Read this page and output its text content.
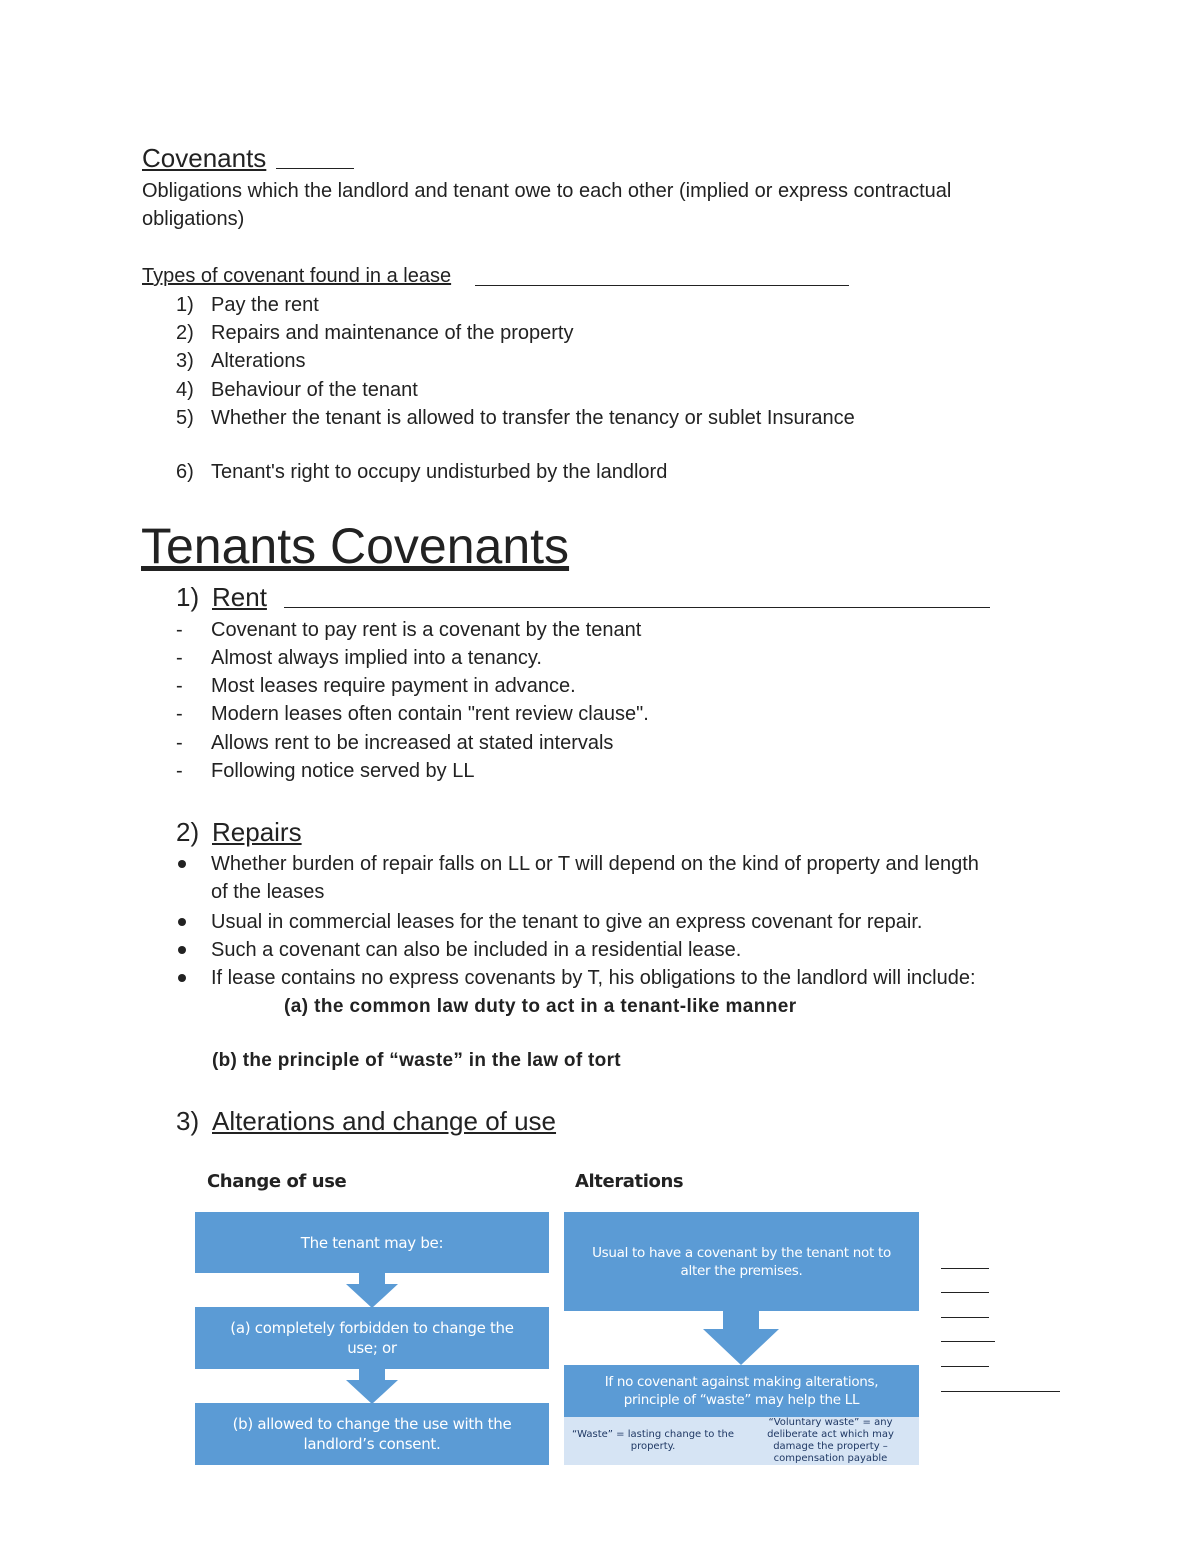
Covenants
Obligations which the landlord and tenant owe to each other (implied or express contractual
obligations)
Types of covenant found in a lease
1) Pay the rent
2) Repairs and maintenance of the property
3) Alterations
4) Behaviour of the tenant
5) Whether the tenant is allowed to transfer the tenancy or sublet Insurance
6) Tenant's right to occupy undisturbed by the landlord
Tenants Covenants
1) Rent
- Covenant to pay rent is a covenant by the tenant
- Almost always implied into a tenancy.
- Most leases require payment in advance.
- Modern leases often contain "rent review clause".
- Allows rent to be increased at stated intervals
- Following notice served by LL
2) Repairs
Whether burden of repair falls on LL or T will depend on the kind of property and length
of the leases
Usual in commercial leases for the tenant to give an express covenant for repair.
Such a covenant can also be included in a residential lease.
If lease contains no express covenants by T, his obligations to the landlord will include:
(a) the common law duty to act in a tenant-like manner
(b) the principle of “waste” in the law of tort
3) Alterations and change of use
Change of use
The tenant may be:
(a) completely forbidden to change the use; or
(b) allowed to change the use with the landlord’s consent.
Alterations
Usual to have a covenant by the tenant not to alter the premises.
If no covenant against making alterations, principle of “waste” may help the LL
“Waste” = lasting change to the property.
“Voluntary waste” = any deliberate act which may damage the property – compensation payable
